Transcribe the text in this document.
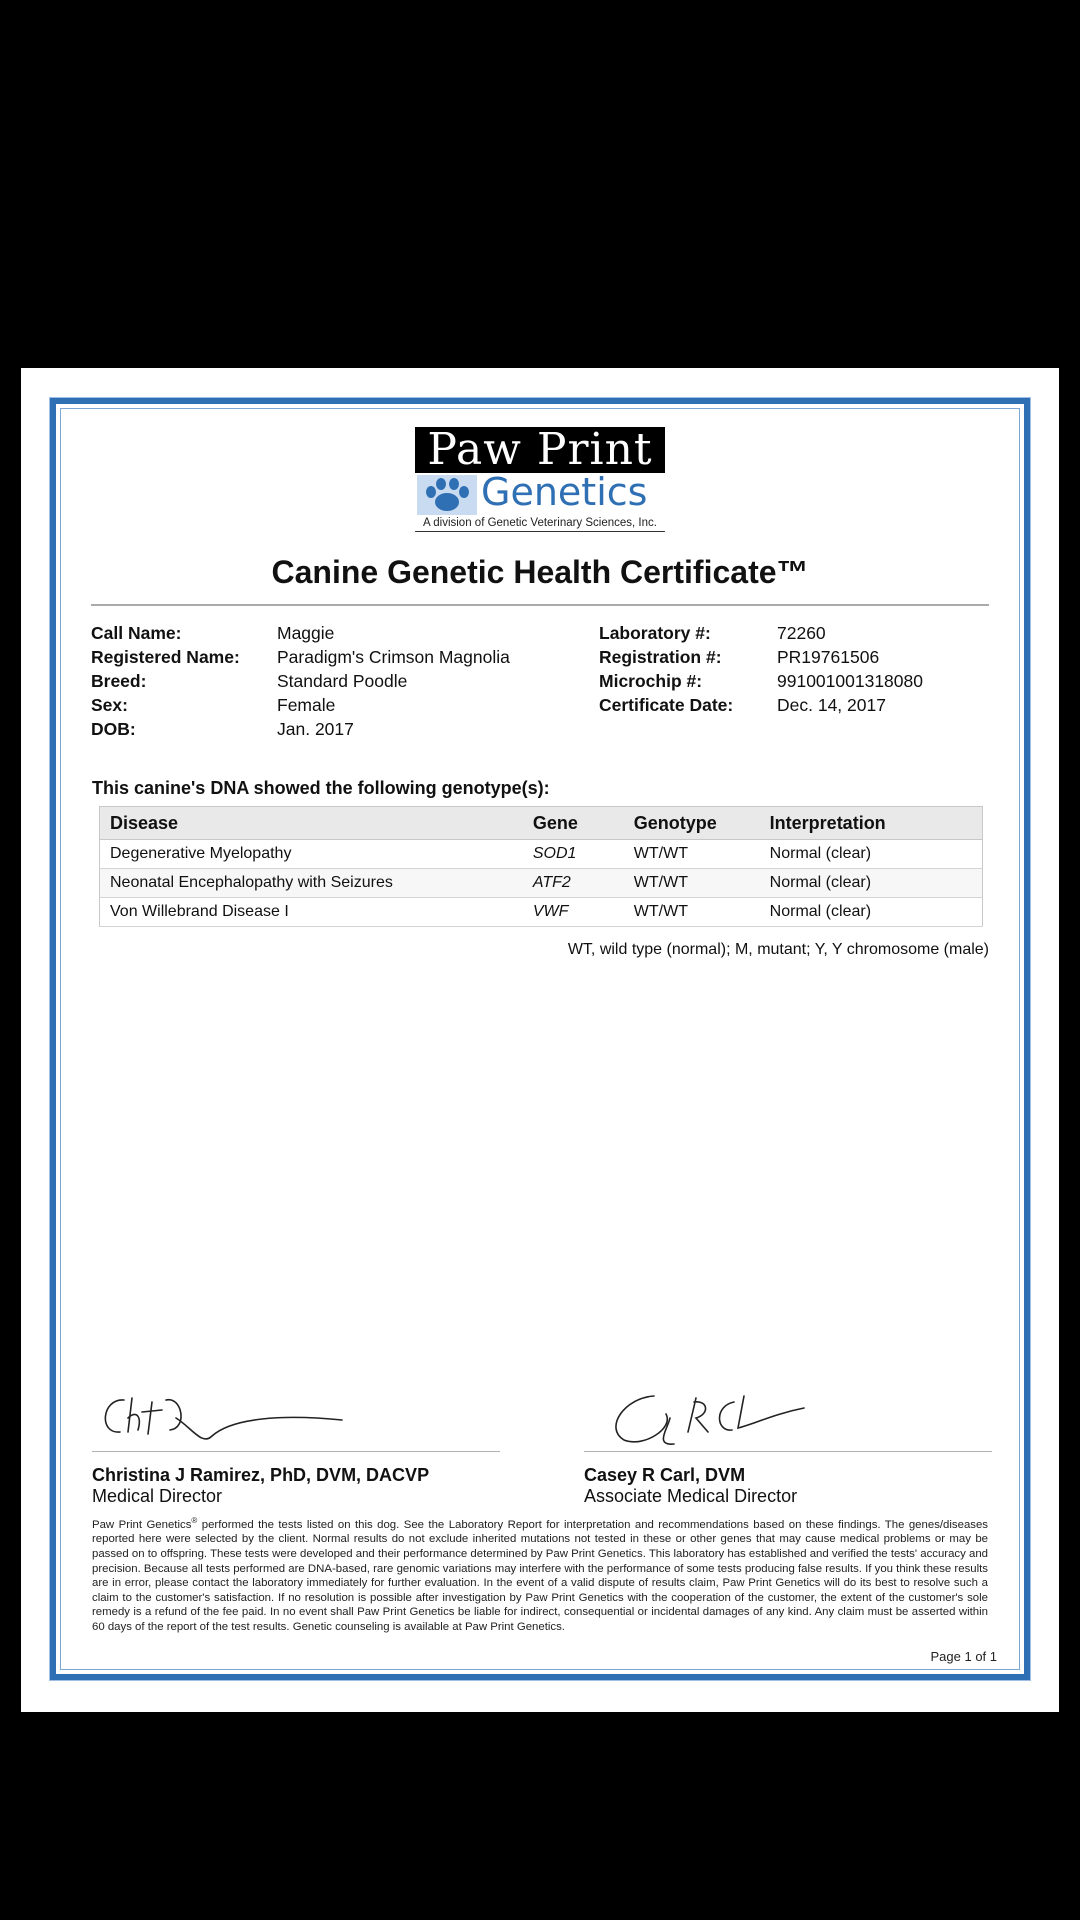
Paw Print
Genetics
A division of Genetic Veterinary Sciences, Inc.
Canine Genetic Health Certificate™
Call Name:	Maggie
Registered Name: Paradigm's Crimson Magnolia
Breed:	Standard Poodle
Sex:	Female
DOB:	Jan. 2017
Laboratory #:	72260
Registration #:	PR19761506
Microchip #:	991001001318080
Certificate Date:	Dec. 14, 2017
This canine's DNA showed the following genotype(s):
Disease	Gene	Genotype	Interpretation
Degenerative Myelopathy	SOD1	WT/WT	Normal (clear)
Neonatal Encephalopathy with Seizures	ATF2	WT/WT	Normal (clear)
Von Willebrand Disease I	VWF	WT/WT	Normal (clear)
WT, wild type (normal); M, mutant; Y, Y chromosome (male)
Christina J Ramirez, PhD, DVM, DACVP
Medical Director
Casey R Carl, DVM
Associate Medical Director
Paw Print Genetics® performed the tests listed on this dog. See the Laboratory Report for interpretation and recommendations based on these findings. The genes/diseases reported here were selected by the client. Normal results do not exclude inherited mutations not tested in these or other genes that may cause medical problems or may be passed on to offspring. These tests were developed and their performance determined by Paw Print Genetics. This laboratory has established and verified the tests' accuracy and precision. Because all tests performed are DNA-based, rare genomic variations may interfere with the performance of some tests producing false results. If you think these results are in error, please contact the laboratory immediately for further evaluation. In the event of a valid dispute of results claim, Paw Print Genetics will do its best to resolve such a claim to the customer's satisfaction. If no resolution is possible after investigation by Paw Print Genetics with the cooperation of the customer, the extent of the customer's sole remedy is a refund of the fee paid. In no event shall Paw Print Genetics be liable for indirect, consequential or incidental damages of any kind. Any claim must be asserted within 60 days of the report of the test results. Genetic counseling is available at Paw Print Genetics.
Page 1 of 1
